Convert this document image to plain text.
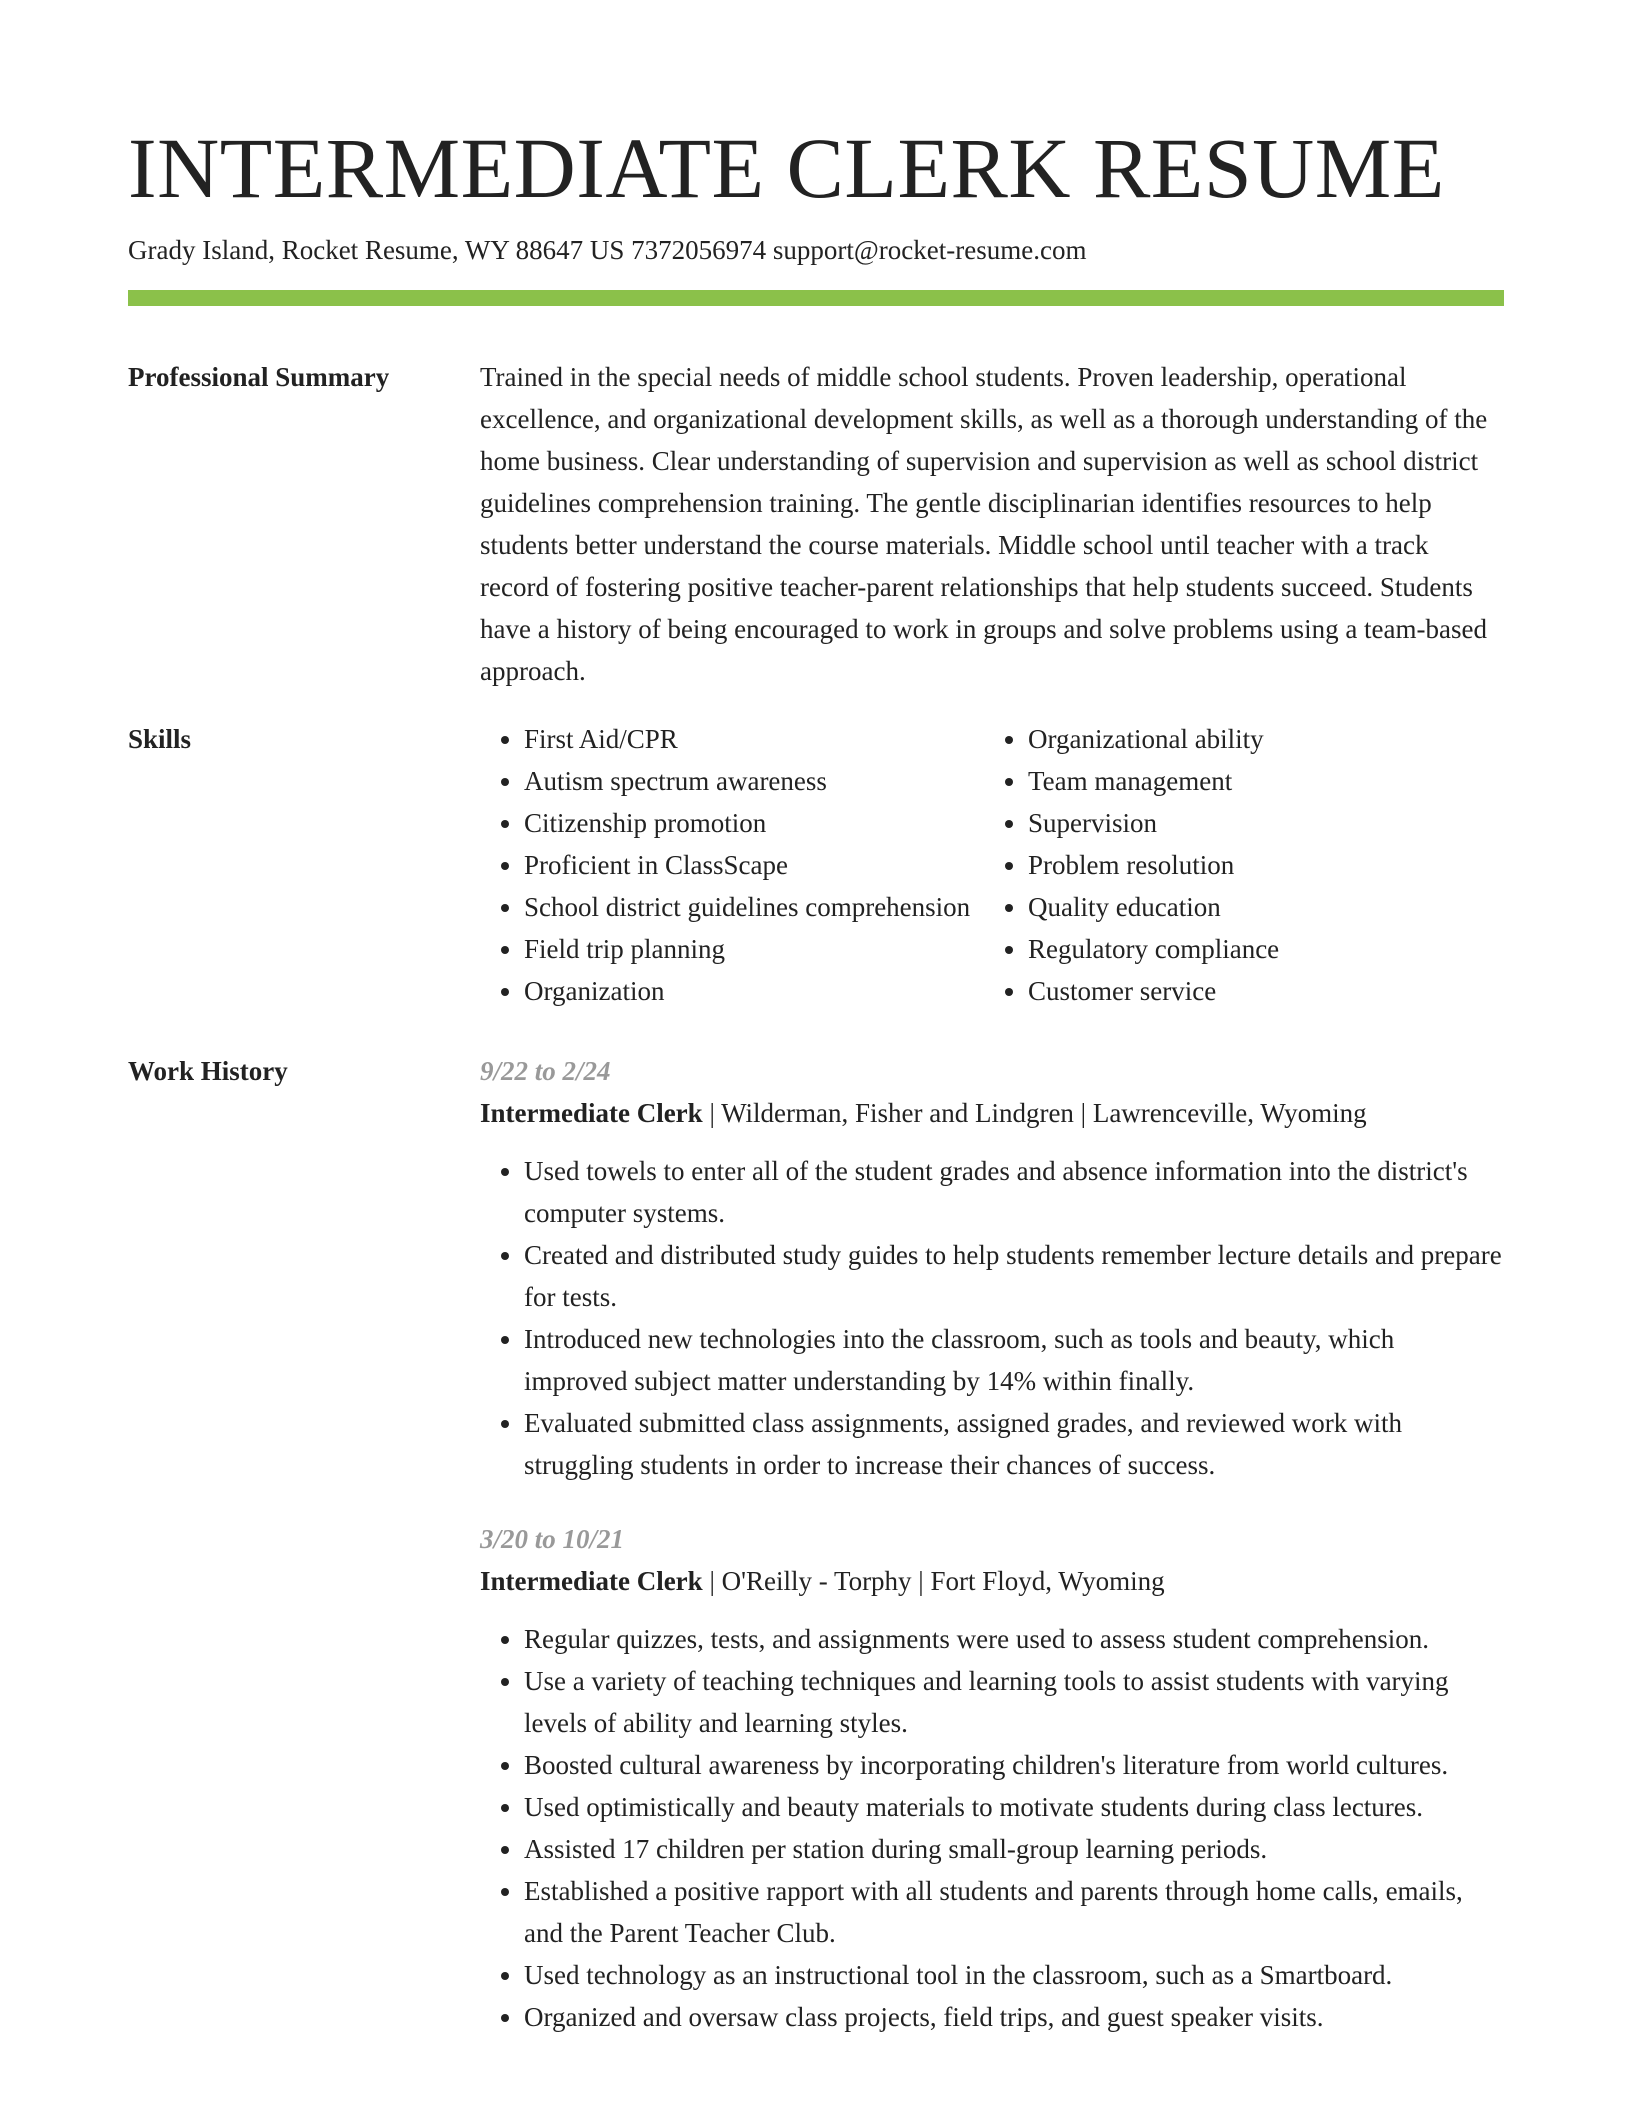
INTERMEDIATE CLERK RESUME
Grady Island, Rocket Resume, WY 88647 US 7372056974 support@rocket-resume.com
Professional Summary	Trained in the special needs of middle school students. Proven leadership, operational excellence, and organizational development skills, as well as a thorough understanding of the home business. Clear understanding of supervision and supervision as well as school district guidelines comprehension training. The gentle disciplinarian identifies resources to help students better understand the course materials. Middle school until teacher with a track record of fostering positive teacher-parent relationships that help students succeed. Students have a history of being encouraged to work in groups and solve problems using a team-based approach.

Skills
•	First Aid/CPR
• Autism spectrum awareness
• Citizenship promotion
• Proficient in ClassScape
• School district guidelines comprehension
• Field trip planning
• Organization
• Organizational ability
• Team management
• Supervision
• Problem resolution
• Quality education
• Regulatory compliance
• Customer service
Work History	9/22 to 2/24

Intermediate Clerk | Wilderman, Fisher and Lindgren | Lawrenceville, Wyoming

• Used towels to enter all of the student grades and absence information into the district's computer systems.
• Created and distributed study guides to help students remember lecture details and prepare for tests.
• Introduced new technologies into the classroom, such as tools and beauty, which improved subject matter understanding by 14% within finally.
• Evaluated submitted class assignments, assigned grades, and reviewed work with struggling students in order to increase their chances of success.
3/20 to 10/21

Intermediate Clerk | O'Reilly - Torphy | Fort Floyd, Wyoming

• Regular quizzes, tests, and assignments were used to assess student comprehension.
• Use a variety of teaching techniques and learning tools to assist students with varying levels of ability and learning styles.
• Boosted cultural awareness by incorporating children's literature from world cultures.
• Used optimistically and beauty materials to motivate students during class lectures.
• Assisted 17 children per station during small-group learning periods.
• Established a positive rapport with all students and parents through home calls, emails, and the Parent Teacher Club.
• Used technology as an instructional tool in the classroom, such as a Smartboard.
• Organized and oversaw class projects, field trips, and guest speaker visits.
